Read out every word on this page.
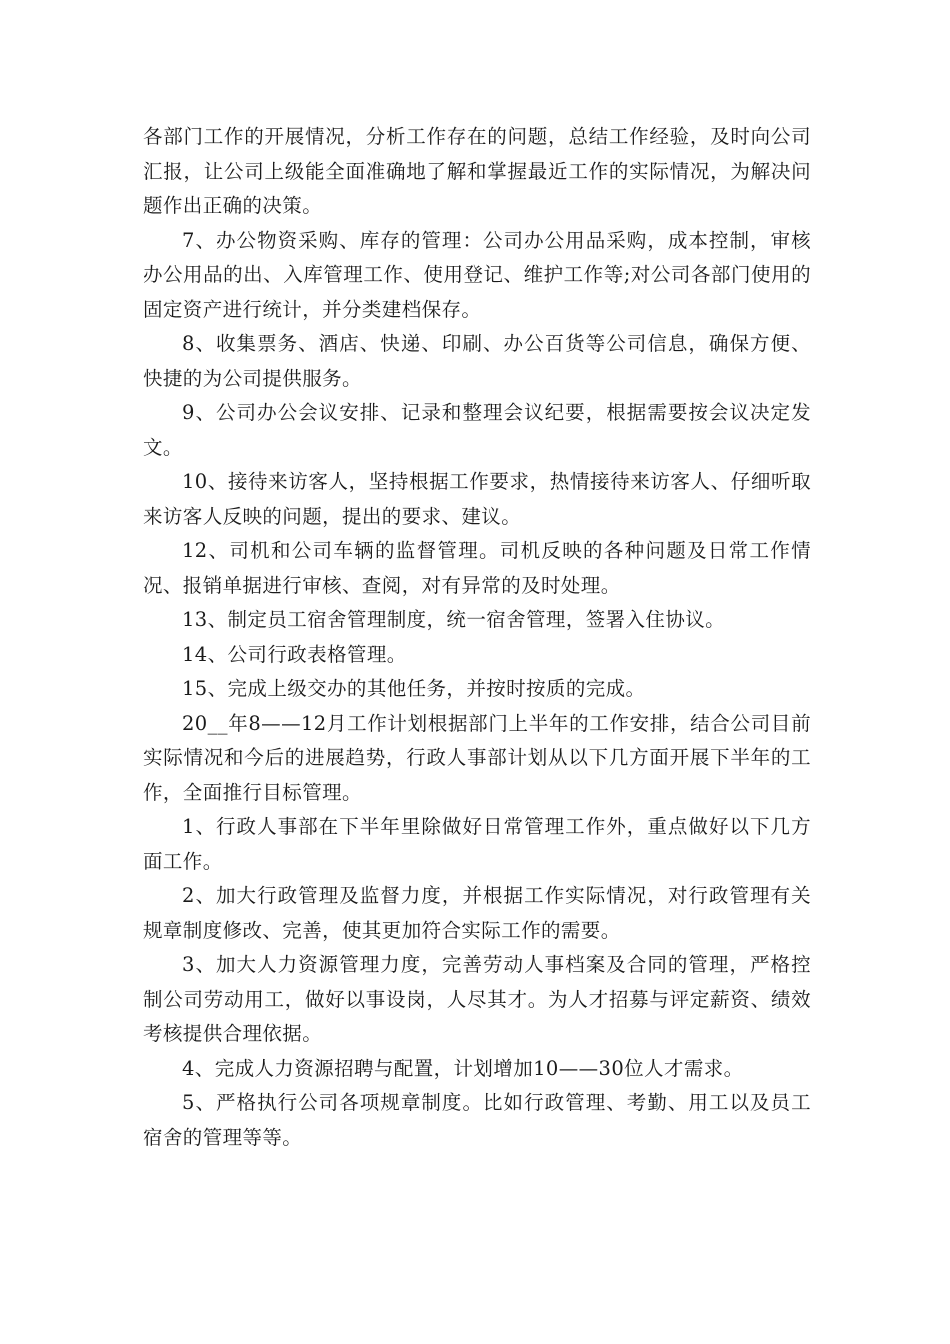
各部门工作的开展情况，分析工作存在的问题，总结工作经验，及时向公司汇报，让公司上级能全面准确地了解和掌握最近工作的实际情况，为解决问题作出正确的决策。

7、办公物资采购、库存的管理：公司办公用品采购，成本控制，审核办公用品的出、入库管理工作、使用登记、维护工作等;对公司各部门使用的固定资产进行统计，并分类建档保存。

8、收集票务、酒店、快递、印刷、办公百货等公司信息，确保方便、快捷的为公司提供服务。

9、公司办公会议安排、记录和整理会议纪要，根据需要按会议决定发文。

10、接待来访客人，坚持根据工作要求，热情接待来访客人、仔细听取来访客人反映的问题，提出的要求、建议。

12、司机和公司车辆的监督管理。司机反映的各种问题及日常工作情况、报销单据进行审核、查阅，对有异常的及时处理。

13、制定员工宿舍管理制度，统一宿舍管理，签署入住协议。

14、公司行政表格管理。

15、完成上级交办的其他任务，并按时按质的完成。

20__年8——12月工作计划根据部门上半年的工作安排，结合公司目前实际情况和今后的进展趋势，行政人事部计划从以下几方面开展下半年的工作，全面推行目标管理。

1、行政人事部在下半年里除做好日常管理工作外，重点做好以下几方面工作。

2、加大行政管理及监督力度，并根据工作实际情况，对行政管理有关规章制度修改、完善，使其更加符合实际工作的需要。

3、加大人力资源管理力度，完善劳动人事档案及合同的管理，严格控制公司劳动用工，做好以事设岗，人尽其才。为人才招募与评定薪资、绩效考核提供合理依据。

4、完成人力资源招聘与配置，计划增加10——30位人才需求。

5、严格执行公司各项规章制度。比如行政管理、考勤、用工以及员工宿舍的管理等等。
